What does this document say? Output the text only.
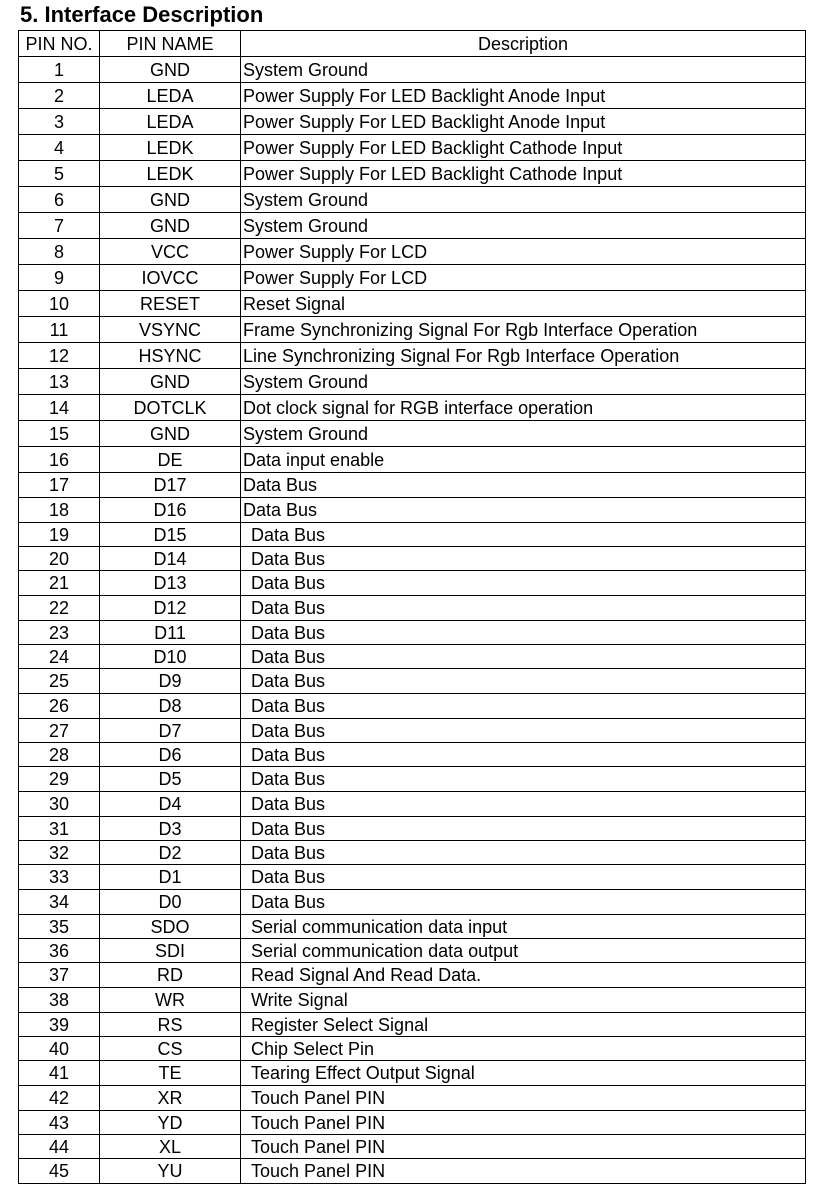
5. Interface Description
PIN NO.	PIN NAME	Description
1	GND	System Ground
2	LEDA	Power Supply For LED Backlight Anode Input
3	LEDA	Power Supply For LED Backlight Anode Input
4	LEDK	Power Supply For LED Backlight Cathode Input
5	LEDK	Power Supply For LED Backlight Cathode Input
6	GND	System Ground
7	GND	System Ground
8	VCC	Power Supply For LCD
9	IOVCC	Power Supply For LCD
10	RESET	Reset Signal
11	VSYNC	Frame Synchronizing Signal For Rgb Interface Operation
12	HSYNC	Line Synchronizing Signal For Rgb Interface Operation
13	GND	System Ground
14	DOTCLK	Dot clock signal for RGB interface operation
15	GND	System Ground
16	DE	Data input enable
17	D17	Data Bus
18	D16	Data Bus
19	D15	Data Bus
20	D14	Data Bus
21	D13	Data Bus
22	D12	Data Bus
23	D11	Data Bus
24	D10	Data Bus
25	D9	Data Bus
26	D8	Data Bus
27	D7	Data Bus
28	D6	Data Bus
29	D5	Data Bus
30	D4	Data Bus
31	D3	Data Bus
32	D2	Data Bus
33	D1	Data Bus
34	D0	Data Bus
35	SDO	Serial communication data input
36	SDI	Serial communication data output
37	RD	Read Signal And Read Data.
38	WR	Write Signal
39	RS	Register Select Signal
40	CS	Chip Select Pin
41	TE	Tearing Effect Output Signal
42	XR	Touch Panel PIN
43	YD	Touch Panel PIN
44	XL	Touch Panel PIN
45	YU	Touch Panel PIN
